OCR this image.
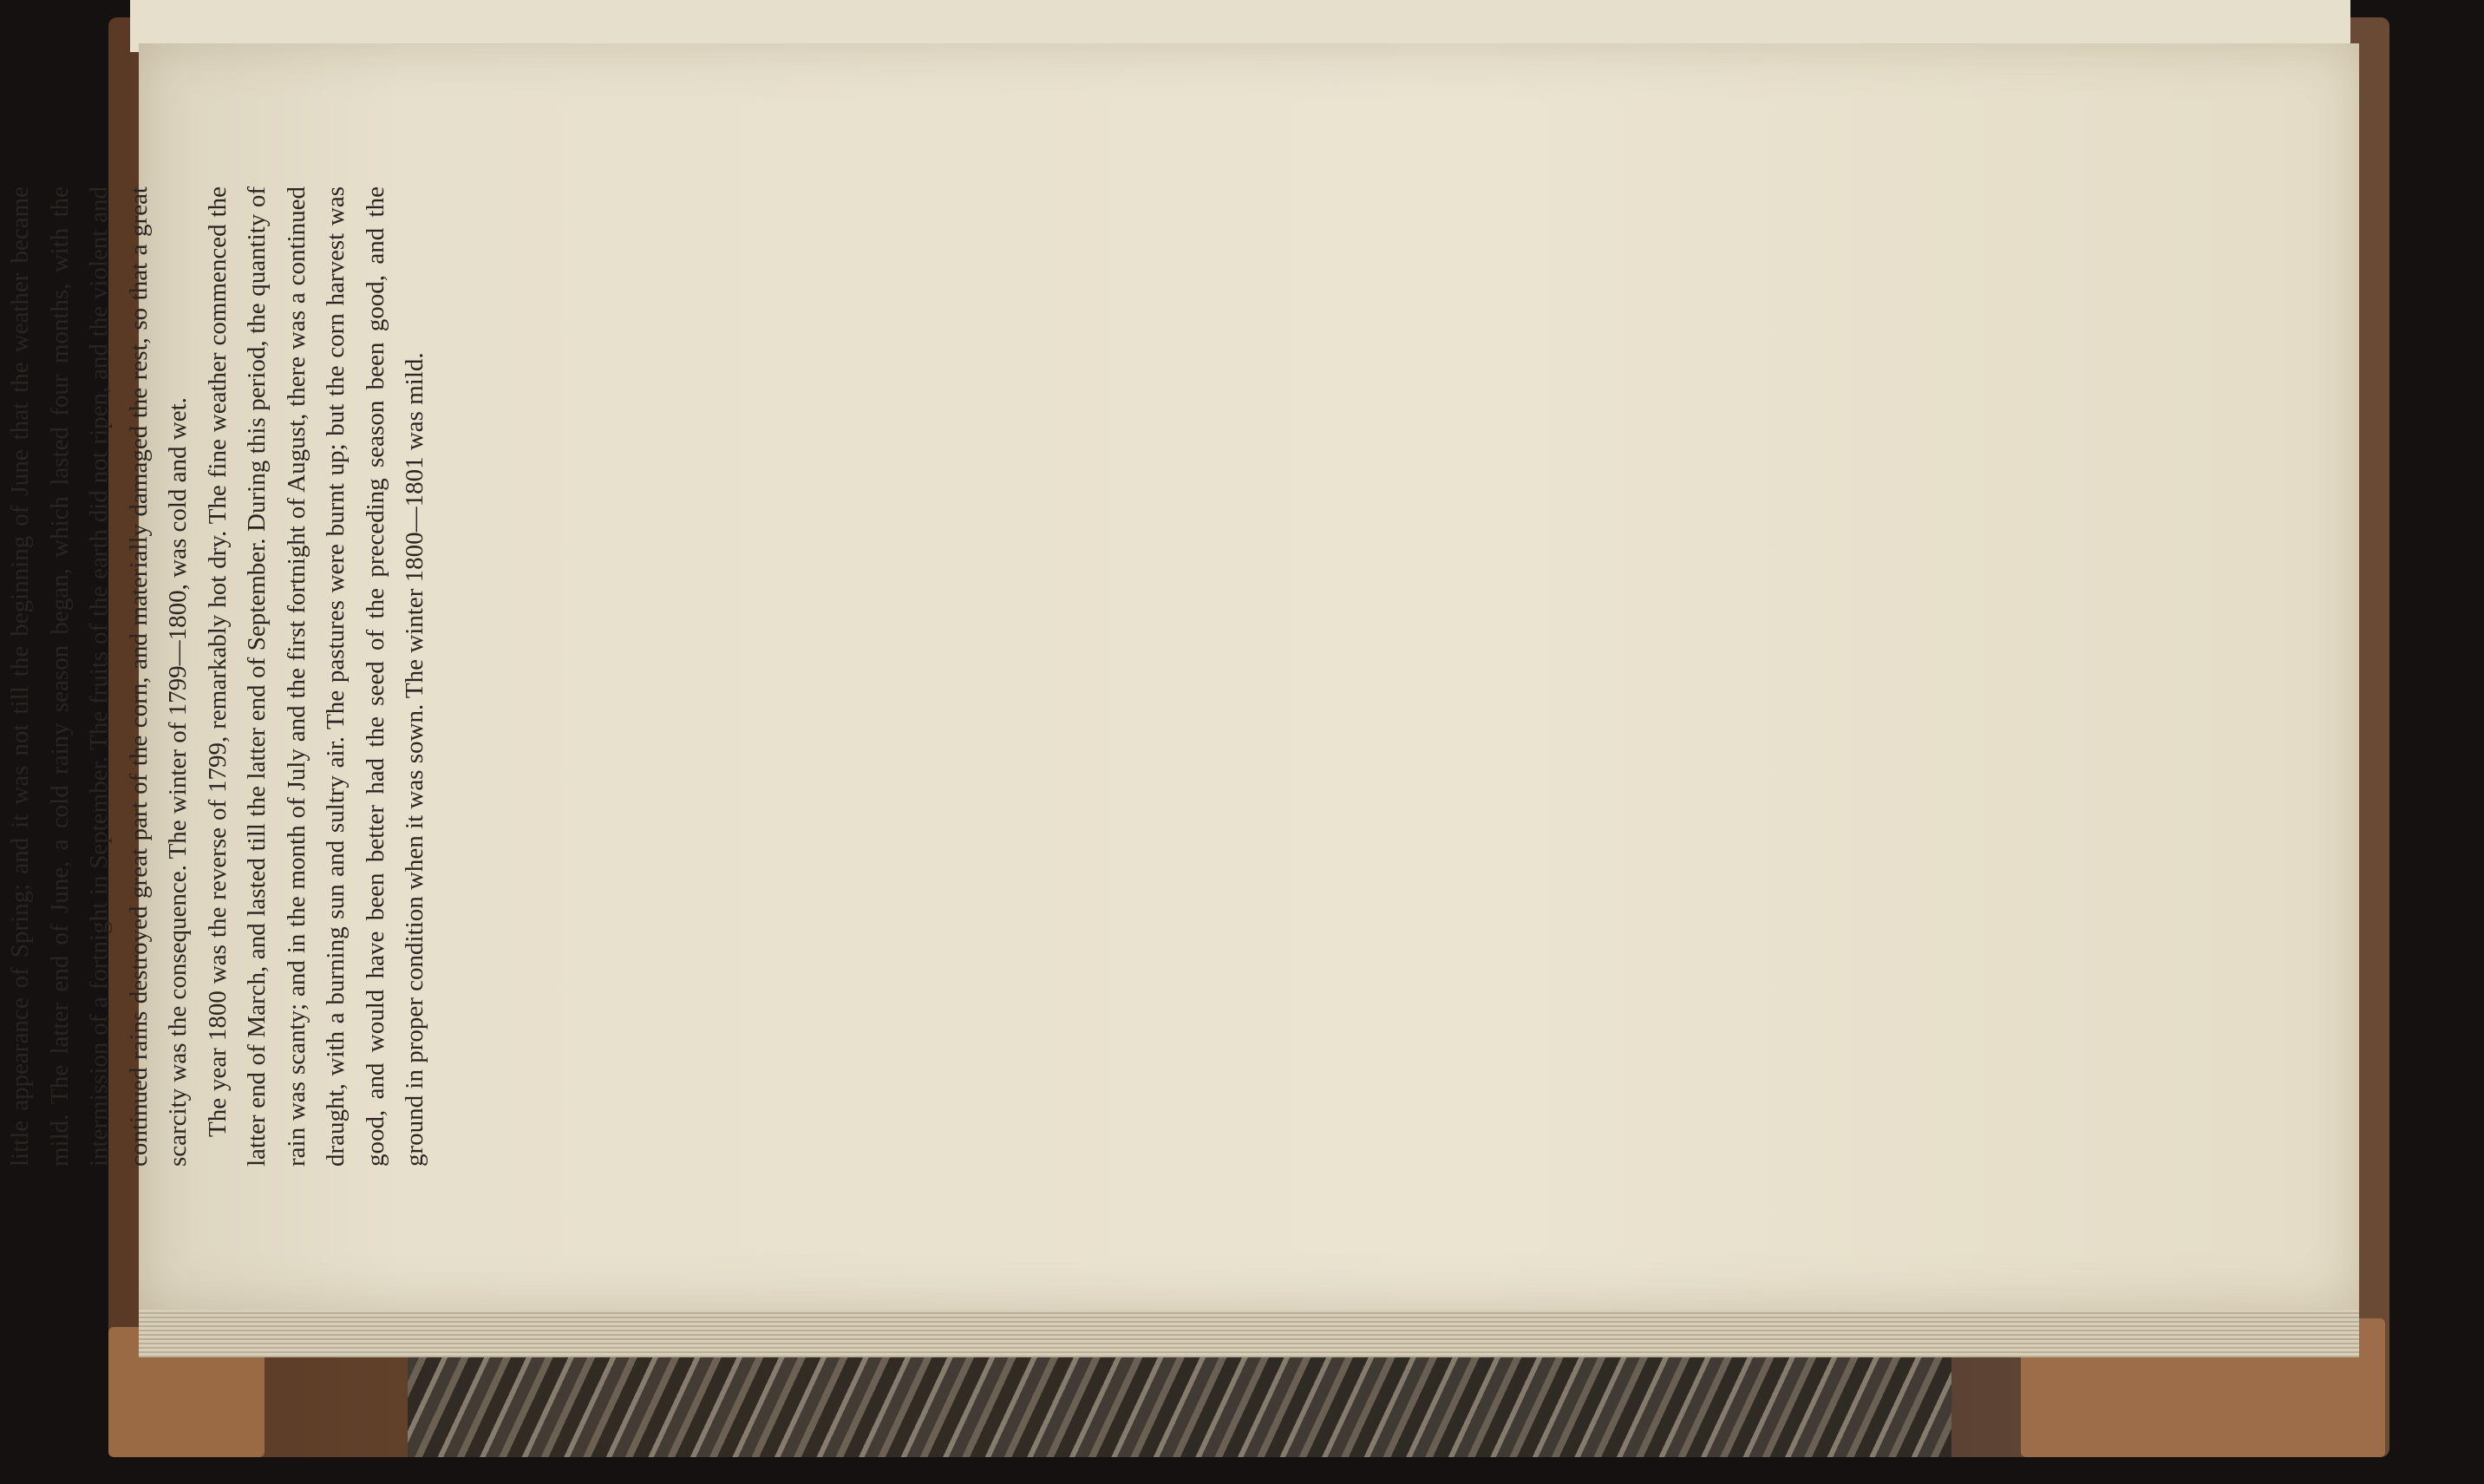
little appearance of Spring; and it was not till the beginning of June that the weather became mild. The latter end of June, a cold rainy season began, which lasted four months, with the intermission of a fortnight in September. The fruits of the earth did not ripen, and the violent and continued rains destroyed great part of the corn, and materially damaged the rest, so that a great scarcity was the consequence. The winter of 1799—1800, was cold and wet. The year 1800 was the reverse of 1799, remarkably hot dry. The fine weather commenced the latter end of March, and lasted till the latter end of September. During this period, the quantity of rain was scanty; and in the month of July and the first fortnight of August, there was a continued draught, with a burning sun and sultry air. The pastures were burnt up; but the corn harvest was good, and would have been better had the seed of the preceding season been good, and the ground in proper condition when it was sown. The winter 1800—1801 was mild.
